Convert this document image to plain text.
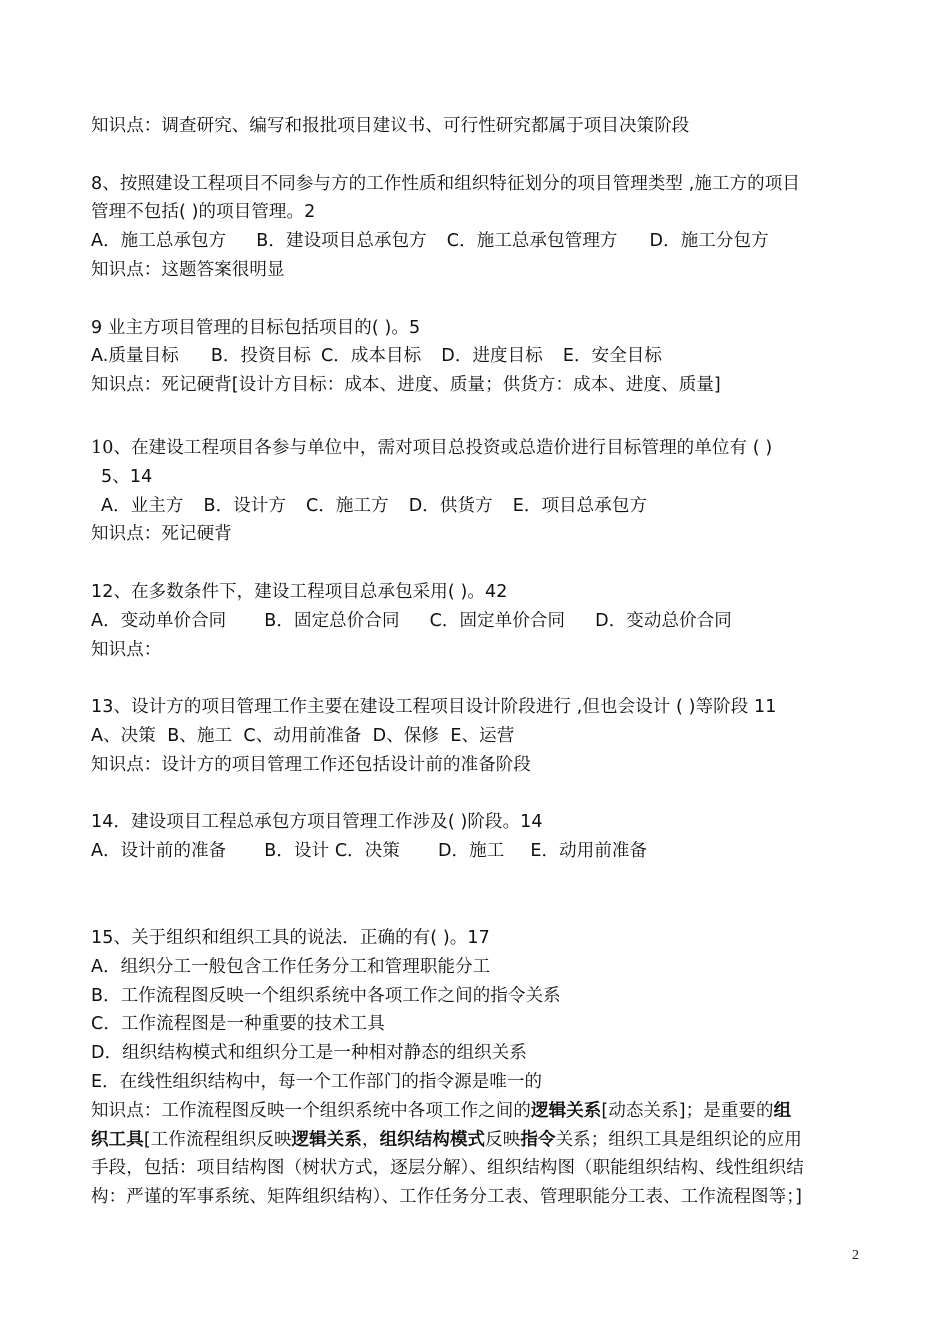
知识点：调查研究、编写和报批项目建议书、可行性研究都属于项目决策阶段
8、按照建设工程项目不同参与方的工作性质和组织特征划分的项目管理类型 ,施工方的项目
管理不包括( )的项目管理。2
A．施工总承包方 B．建设项目总承包方 C．施工总承包管理方 D．施工分包方
知识点：这题答案很明显
9 业主方项目管理的目标包括项目的( )。5
A.质量目标 B．投资目标 C．成本目标 D．进度目标 E．安全目标
知识点：死记硬背[设计方目标：成本、进度、质量；供货方：成本、进度、质量]
10、在建设工程项目各参与单位中，需对项目总投资或总造价进行目标管理的单位有 ( )
5、14
A．业主方 B．设计方 C．施工方 D．供货方 E．项目总承包方
知识点：死记硬背
12、在多数条件下，建设工程项目总承包采用( )。42
A．变动单价合同 B．固定总价合同 C．固定单价合同 D．变动总价合同
知识点：
13、设计方的项目管理工作主要在建设工程项目设计阶段进行 ,但也会设计 ( )等阶段 11
A、决策  B、施工  C、动用前准备  D、保修  E、运营
知识点：设计方的项目管理工作还包括设计前的准备阶段
14．建设项目工程总承包方项目管理工作涉及( )阶段。14
A．设计前的准备 B．设计 C．决策 D．施工 E．动用前准备
15、关于组织和组织工具的说法．正确的有( )。17
A．组织分工一般包含工作任务分工和管理职能分工
B．工作流程图反映一个组织系统中各项工作之间的指令关系
C．工作流程图是一种重要的技术工具
D．组织结构模式和组织分工是一种相对静态的组织关系
E．在线性组织结构中，每一个工作部门的指令源是唯一的
知识点：工作流程图反映一个组织系统中各项工作之间的逻辑关系[动态关系]；是重要的组
织工具[工作流程组织反映逻辑关系，组织结构模式反映指令关系；组织工具是组织论的应用
手段，包括：项目结构图（树状方式，逐层分解）、组织结构图（职能组织结构、线性组织结
构：严谨的军事系统、矩阵组织结构）、工作任务分工表、管理职能分工表、工作流程图等；]
2
